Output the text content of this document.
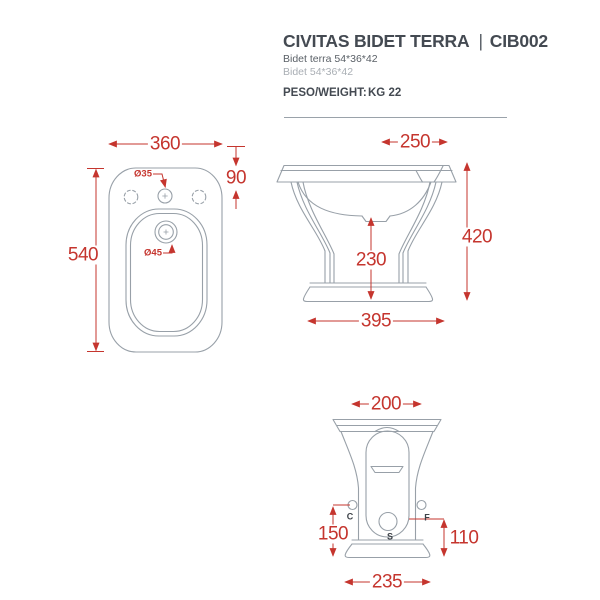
CIVITAS BIDET TERRA | CIB002
Bidet terra 54*36*42
Bidet 54*36*42
PESO/WEIGHT: KG 22
360
540
90
Ø35
Ø45
250
420
230
395
200
150	110
235
C	F
S
